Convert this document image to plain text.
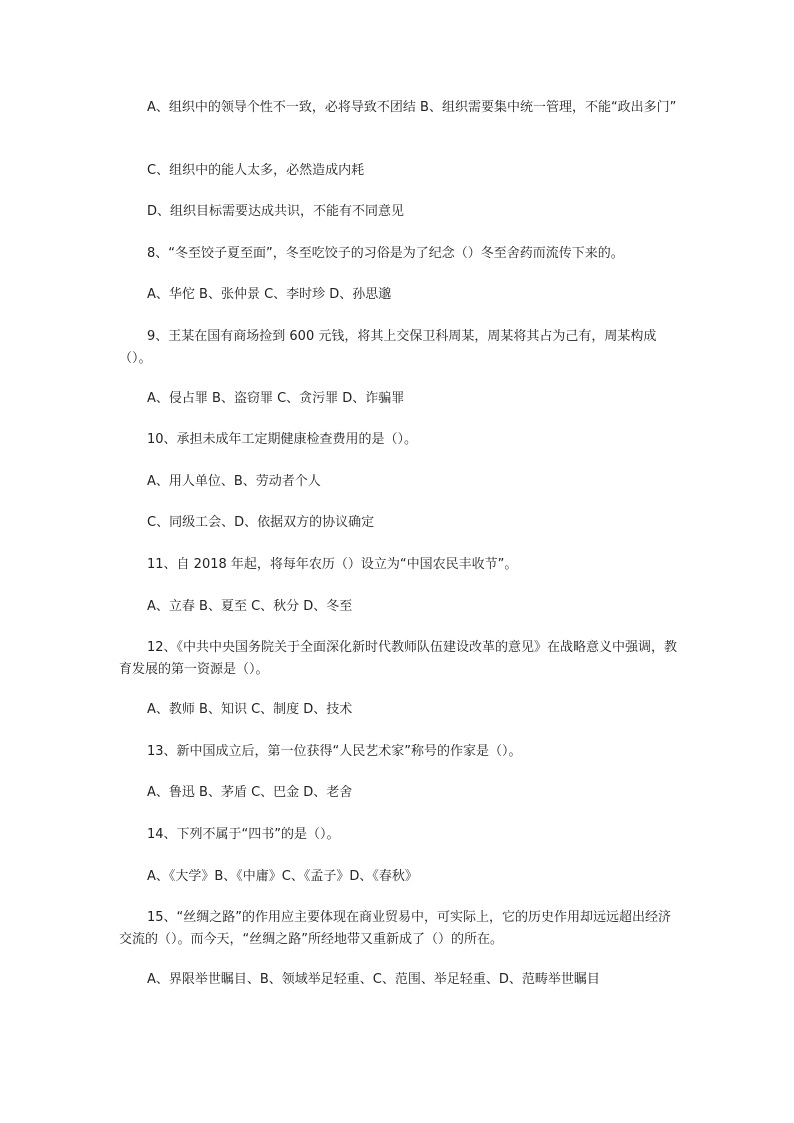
A、组织中的领导个性不一致，必将导致不团结 B、组织需要集中统一管理，不能“政出多门”

C、组织中的能人太多，必然造成内耗

D、组织目标需要达成共识，不能有不同意见

8、“冬至饺子夏至面”，冬至吃饺子的习俗是为了纪念（）冬至舍药而流传下来的。

A、华佗 B、张仲景 C、李时珍 D、孙思邈

9、王某在国有商场捡到 600 元钱，将其上交保卫科周某，周某将其占为己有，周某构成（）。

A、侵占罪 B、盗窃罪 C、贪污罪 D、诈骗罪

10、承担未成年工定期健康检查费用的是（）。

A、用人单位、B、劳动者个人

C、同级工会、D、依据双方的协议确定

11、自 2018 年起，将每年农历（）设立为“中国农民丰收节”。

A、立春 B、夏至 C、秋分 D、冬至

12、《中共中央国务院关于全面深化新时代教师队伍建设改革的意见》在战略意义中强调，教育发展的第一资源是（）。

A、教师 B、知识 C、制度 D、技术

13、新中国成立后，第一位获得“人民艺术家”称号的作家是（）。

A、鲁迅 B、茅盾 C、巴金 D、老舍

14、下列不属于“四书”的是（）。

A、《大学》B、《中庸》C、《孟子》D、《春秋》

15、“丝绸之路”的作用应主要体现在商业贸易中，可实际上，它的历史作用却远远超出经济交流的（）。而今天，“丝绸之路”所经地带又重新成了（）的所在。

A、界限举世瞩目、B、领域举足轻重、C、范围、举足轻重、D、范畴举世瞩目
